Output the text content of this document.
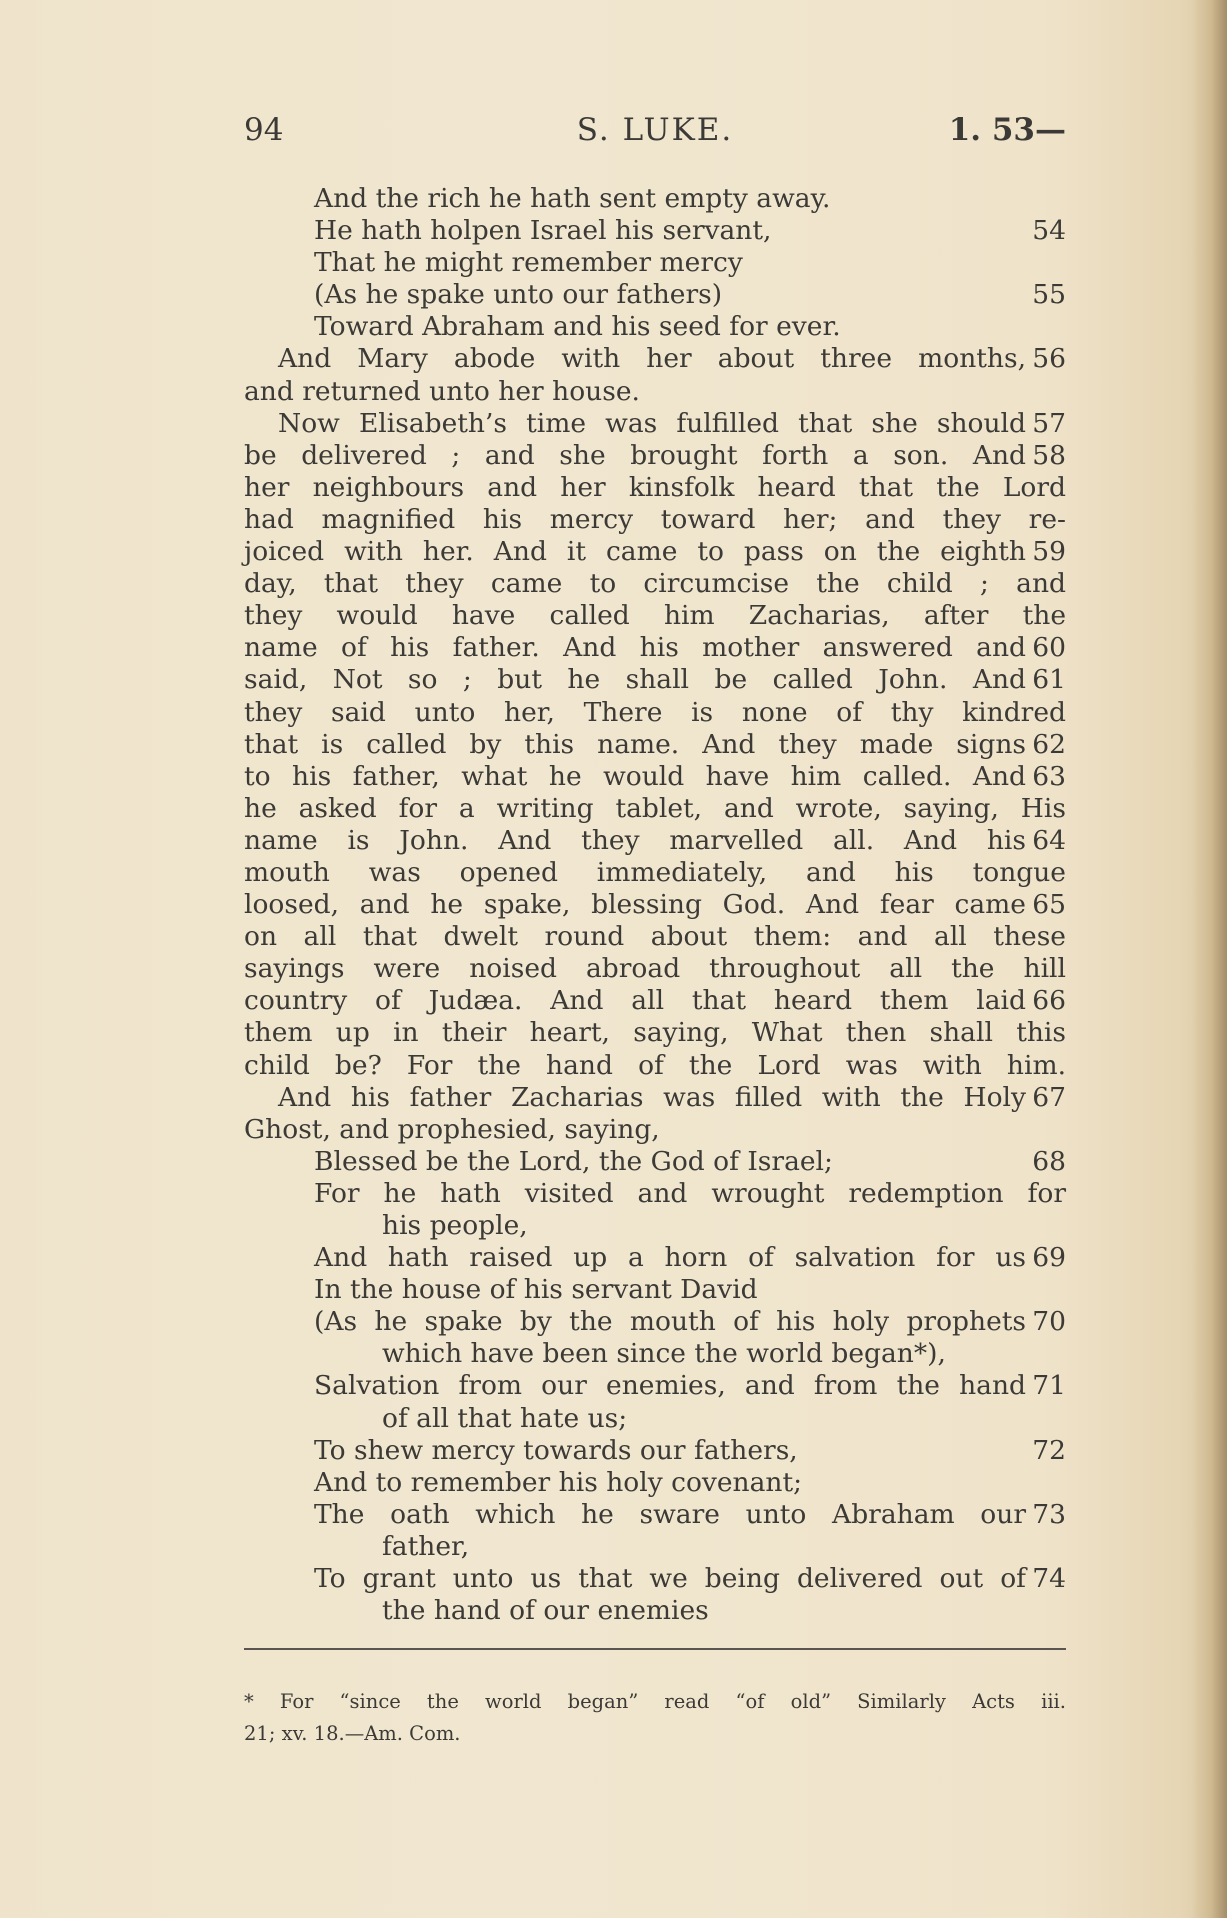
S. LUKE.
94	1. 53—
And the rich he hath sent empty away.
He hath holpen Israel his servant,	54
That he might remember mercy
(As he spake unto our fathers)	55
Toward Abraham and his seed for ever.
And Mary abode with her about three months, 56
and returned unto her house.
Now Elisabeth’s time was fulfilled that she should 57
be delivered ; and she brought forth a son. And 58
her neighbours and her kinsfolk heard that the Lord
had magnified his mercy toward her; and they re-
joiced with her. And it came to pass on the eighth 59
day, that they came to circumcise the child ; and
they would have called him Zacharias, after the
name of his father. And his mother answered and 60
said, Not so ; but he shall be called John. And 61
they said unto her, There is none of thy kindred
that is called by this name. And they made signs 62
to his father, what he would have him called. And 63
he asked for a writing tablet, and wrote, saying, His
name is John. And they marvelled all. And his 64
mouth was opened immediately, and his tongue
loosed, and he spake, blessing God. And fear came 65
on all that dwelt round about them: and all these
sayings were noised abroad throughout all the hill
country of Judæa. And all that heard them laid 66
them up in their heart, saying, What then shall this
child be? For the hand of the Lord was with him.
And his father Zacharias was filled with the Holy 67
Ghost, and prophesied, saying,
Blessed be the Lord, the God of Israel;	68
For he hath visited and wrought redemption for
his people,
And hath raised up a horn of salvation for us 69
In the house of his servant David
(As he spake by the mouth of his holy prophets 70
which have been since the world began*),
Salvation from our enemies, and from the hand 71
of all that hate us;
To shew mercy towards our fathers,	72
And to remember his holy covenant;
The oath which he sware unto Abraham our 73
father,
To grant unto us that we being delivered out of 74
the hand of our enemies
* For “since the world began” read “of old” Similarly Acts iii.
21; xv. 18.—Am. Com.
